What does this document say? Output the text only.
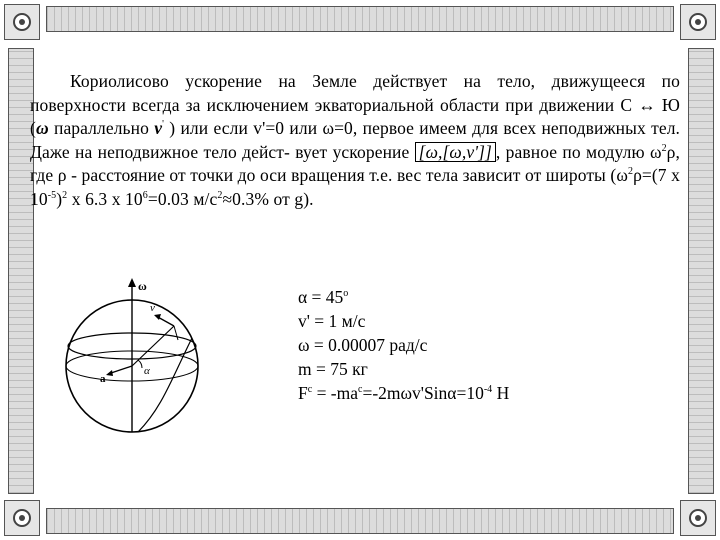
Кориолисово ускорение на Земле действует на тело, движущееся по поверхности всегда за исключением экваториальной области при движении С ↔ Ю (ω параллельно v' ) или если v'=0 или ω=0, первое имеем для всех неподвижных тел. Даже на неподвижное тело дейст- вует ускорение [ω,[ω,v']] , равное по модулю $\omega^2\rho$, где ρ - расстояние от точки до оси вращения т.е. вес тела зависит от широты ($\omega^2\rho=(7$ x $10^{-5})^2$ x 6.3 x $10^6=0.03$ $м/с^2\approx 0.3\%$ от g).
ω
v
a
α
$\alpha = 45^o$
v' = 1 м/с
ω = 0.00007 рад/с
m = 75 кг
$F^c = -ma^c=-2m\omega v'Sin\alpha=10^{-4}$ Н
